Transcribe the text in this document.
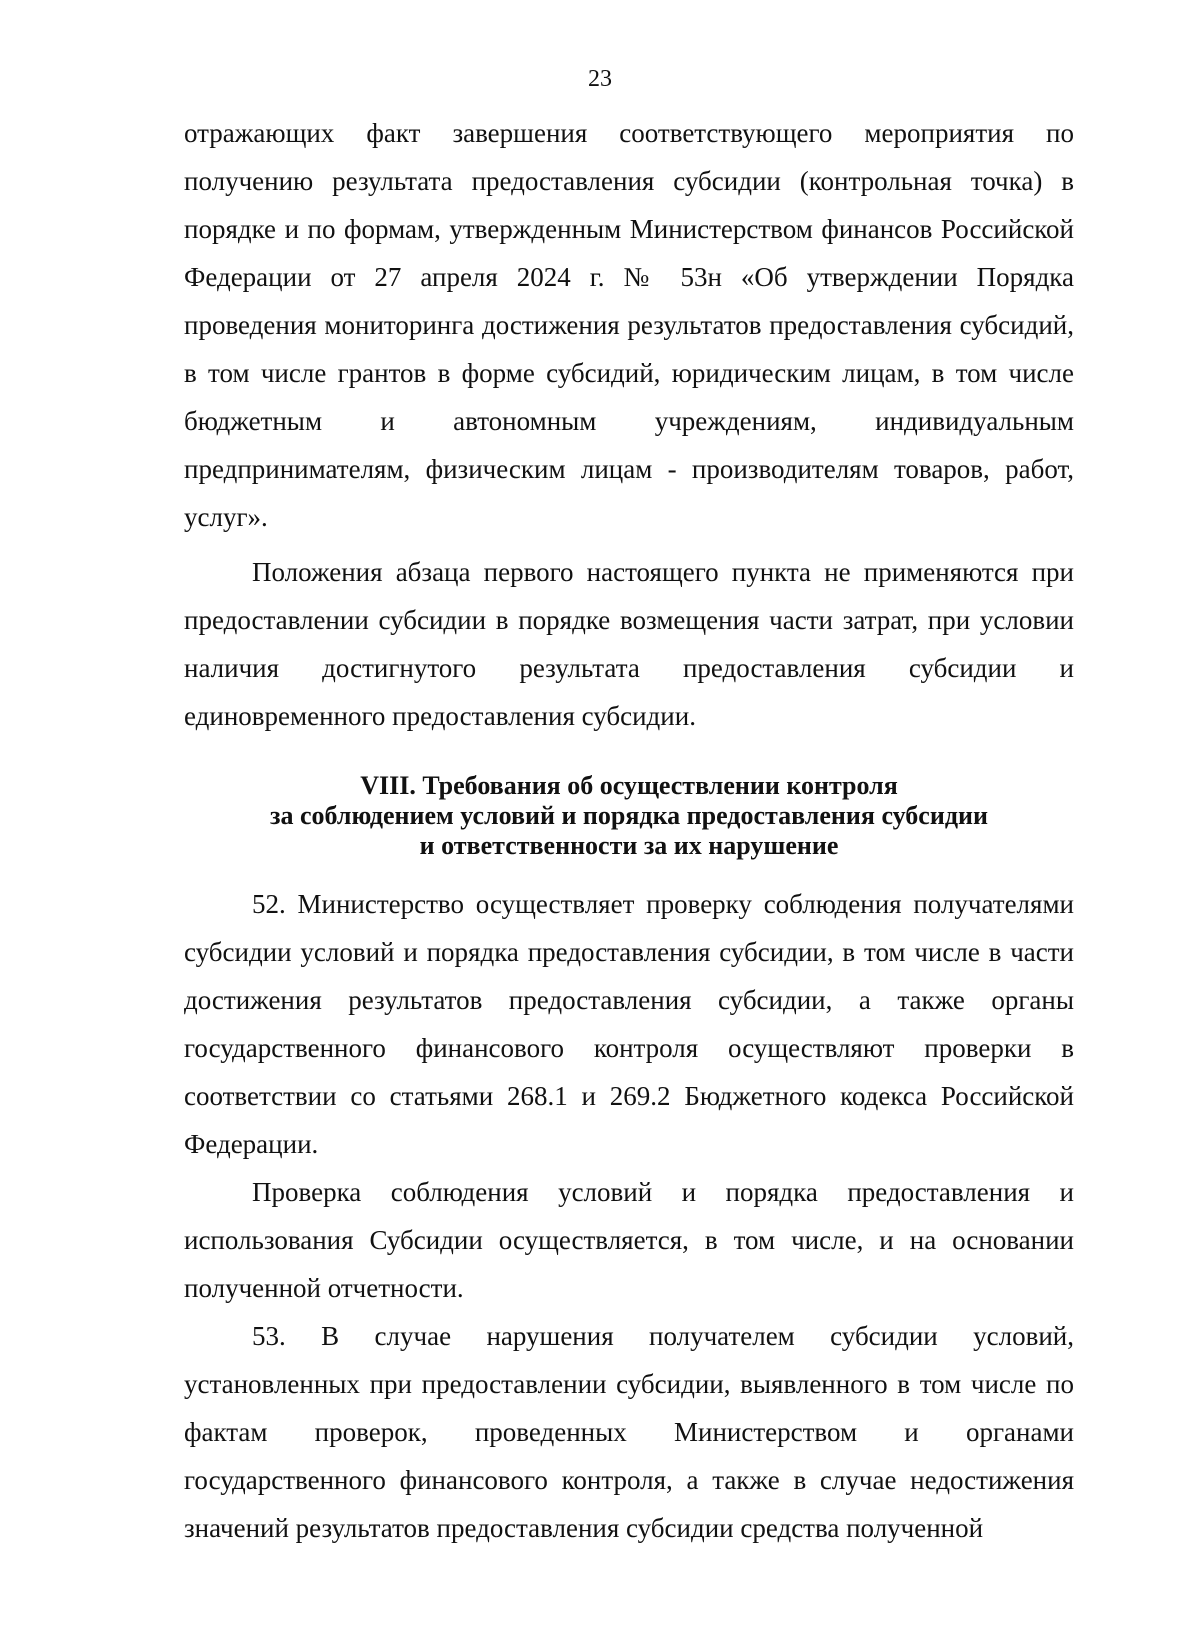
23

отражающих факт завершения соответствующего мероприятия по получению результата предоставления субсидии (контрольная точка) в порядке и по формам, утвержденным Министерством финансов Российской Федерации от 27 апреля 2024 г. № 53н «Об утверждении Порядка проведения мониторинга достижения результатов предоставления субсидий, в том числе грантов в форме субсидий, юридическим лицам, в том числе бюджетным и автономным учреждениям, индивидуальным предпринимателям, физическим лицам - производителям товаров, работ, услуг».

Положения абзаца первого настоящего пункта не применяются при предоставлении субсидии в порядке возмещения части затрат, при условии наличия достигнутого результата предоставления субсидии и единовременного предоставления субсидии.

VIII. Требования об осуществлении контроля
за соблюдением условий и порядка предоставления субсидии
и ответственности за их нарушение

52. Министерство осуществляет проверку соблюдения получателями субсидии условий и порядка предоставления субсидии, в том числе в части достижения результатов предоставления субсидии, а также органы государственного финансового контроля осуществляют проверки в соответствии со статьями 268.1 и 269.2 Бюджетного кодекса Российской Федерации.

Проверка соблюдения условий и порядка предоставления и использования Субсидии осуществляется, в том числе, и на основании полученной отчетности.

53. В случае нарушения получателем субсидии условий, установленных при предоставлении субсидии, выявленного в том числе по фактам проверок, проведенных Министерством и органами государственного финансового контроля, а также в случае недостижения значений результатов предоставления субсидии средства полученной
